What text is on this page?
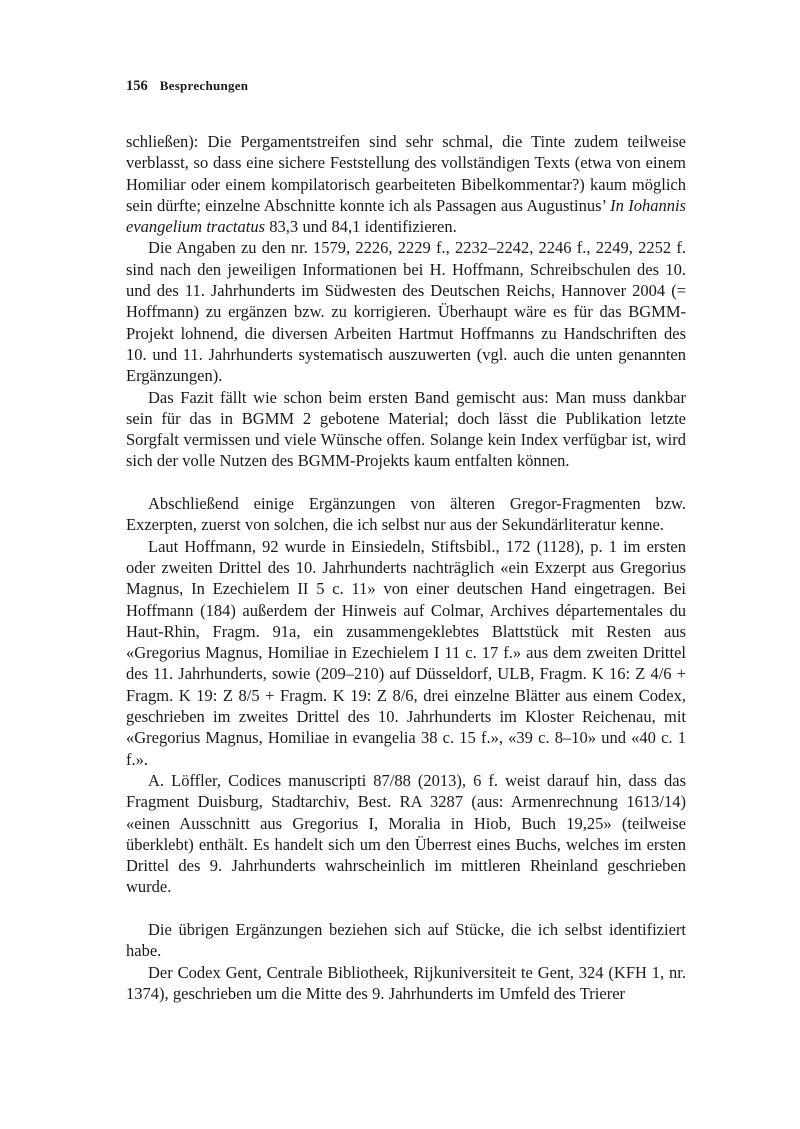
156 Besprechungen

schließen): Die Pergamentstreifen sind sehr schmal, die Tinte zudem teilweise verblasst, so dass eine sichere Feststellung des vollständigen Texts (etwa von einem Homiliar oder einem kompilatorisch gearbeiteten Bibelkommentar?) kaum möglich sein dürfte; einzelne Abschnitte konnte ich als Passagen aus Augustinus’ In Iohannis evangelium tractatus 83,3 und 84,1 identifizieren.

Die Angaben zu den nr. 1579, 2226, 2229 f., 2232–2242, 2246 f., 2249, 2252 f. sind nach den jeweiligen Informationen bei H. Hoffmann, Schreibschulen des 10. und des 11. Jahrhunderts im Südwesten des Deutschen Reichs, Hannover 2004 (= Hoffmann) zu ergänzen bzw. zu korrigieren. Überhaupt wäre es für das BGMM-Projekt lohnend, die diversen Arbeiten Hartmut Hoffmanns zu Handschriften des 10. und 11. Jahrhunderts systematisch auszuwerten (vgl. auch die unten genannten Ergänzungen).

Das Fazit fällt wie schon beim ersten Band gemischt aus: Man muss dankbar sein für das in BGMM 2 gebotene Material; doch lässt die Publikation letzte Sorgfalt vermissen und viele Wünsche offen. Solange kein Index verfügbar ist, wird sich der volle Nutzen des BGMM-Projekts kaum entfalten können.

Abschließend einige Ergänzungen von älteren Gregor-Fragmenten bzw. Exzerpten, zuerst von solchen, die ich selbst nur aus der Sekundärliteratur kenne.

Laut Hoffmann, 92 wurde in Einsiedeln, Stiftsbibl., 172 (1128), p. 1 im ersten oder zweiten Drittel des 10. Jahrhunderts nachträglich «ein Exzerpt aus Gregorius Magnus, In Ezechielem II 5 c. 11» von einer deutschen Hand eingetragen. Bei Hoffmann (184) außerdem der Hinweis auf Colmar, Archives départementales du Haut-Rhin, Fragm. 91a, ein zusammengeklebtes Blattstück mit Resten aus «Gregorius Magnus, Homiliae in Ezechielem I 11 c. 17 f.» aus dem zweiten Drittel des 11. Jahrhunderts, sowie (209–210) auf Düsseldorf, ULB, Fragm. K 16: Z 4/6 + Fragm. K 19: Z 8/5 + Fragm. K 19: Z 8/6, drei einzelne Blätter aus einem Codex, geschrieben im zweites Drittel des 10. Jahrhunderts im Kloster Reichenau, mit «Gregorius Magnus, Homiliae in evangelia 38 c. 15 f.», «39 c. 8–10» und «40 c. 1 f.».

A. Löffler, Codices manuscripti 87/88 (2013), 6 f. weist darauf hin, dass das Fragment Duisburg, Stadtarchiv, Best. RA 3287 (aus: Armenrechnung 1613/14) «einen Ausschnitt aus Gregorius I, Moralia in Hiob, Buch 19,25» (teilweise überklebt) enthält. Es handelt sich um den Überrest eines Buchs, welches im ersten Drittel des 9. Jahrhunderts wahrscheinlich im mittleren Rheinland geschrieben wurde.

Die übrigen Ergänzungen beziehen sich auf Stücke, die ich selbst identifiziert habe.

Der Codex Gent, Centrale Bibliotheek, Rijkuniversiteit te Gent, 324 (KFH 1, nr. 1374), geschrieben um die Mitte des 9. Jahrhunderts im Umfeld des Trierer
